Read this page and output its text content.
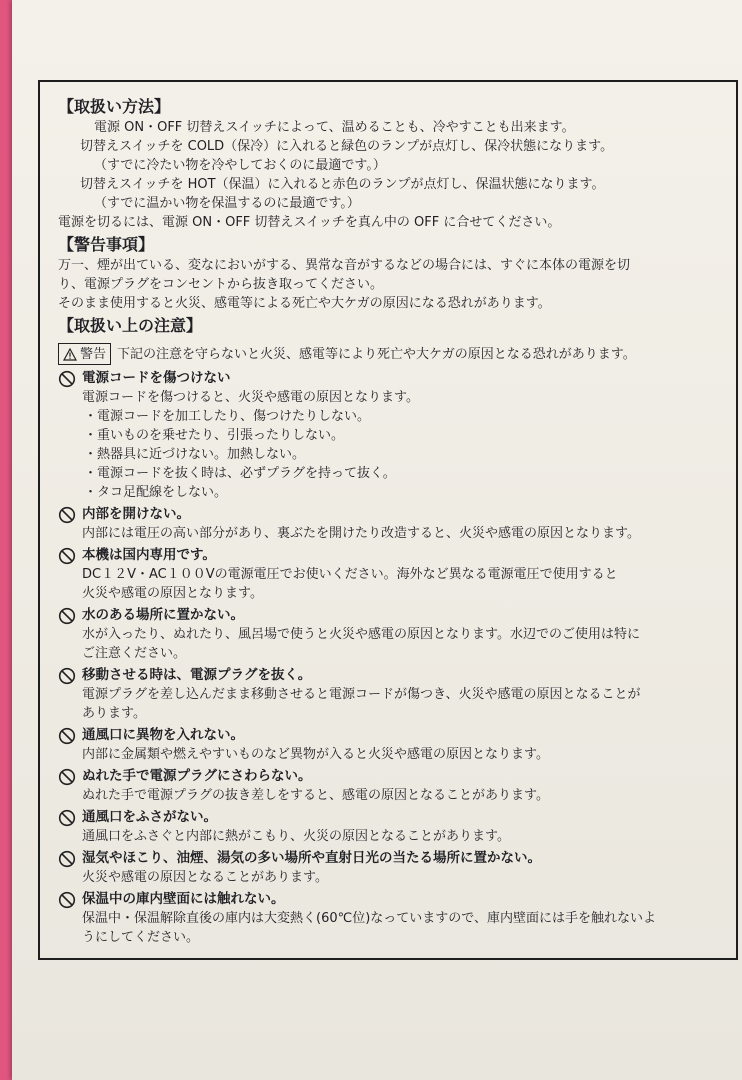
【取扱い方法】
電源 ON・OFF 切替えスイッチによって、温めることも、冷やすことも出来ます。
切替えスイッチを COLD（保冷）に入れると緑色のランプが点灯し、保冷状態になります。
（すでに冷たい物を冷やしておくのに最適です。）
切替えスイッチを HOT（保温）に入れると赤色のランプが点灯し、保温状態になります。
（すでに温かい物を保温するのに最適です。）
電源を切るには、電源 ON・OFF 切替えスイッチを真ん中の OFF に合せてください。
【警告事項】
万一、煙が出ている、変なにおいがする、異常な音がするなどの場合には、すぐに本体の電源を切
り、電源プラグをコンセントから抜き取ってください。
そのまま使用すると火災、感電等による死亡や大ケガの原因になる恐れがあります。
【取扱い上の注意】
警告 下記の注意を守らないと火災、感電等により死亡や大ケガの原因となる恐れがあります。
電源コードを傷つけない
電源コードを傷つけると、火災や感電の原因となります。
・電源コードを加工したり、傷つけたりしない。
・重いものを乗せたり、引張ったりしない。
・熱器具に近づけない。加熱しない。
・電源コードを抜く時は、必ずプラグを持って抜く。
・タコ足配線をしない。
内部を開けない。
内部には電圧の高い部分があり、裏ぶたを開けたり改造すると、火災や感電の原因となります。
本機は国内専用です。
DC１２V・AC１００Vの電源電圧でお使いください。海外など異なる電源電圧で使用すると
火災や感電の原因となります。
水のある場所に置かない。
水が入ったり、ぬれたり、風呂場で使うと火災や感電の原因となります。水辺でのご使用は特に
ご注意ください。
移動させる時は、電源プラグを抜く。
電源プラグを差し込んだまま移動させると電源コードが傷つき、火災や感電の原因となることが
あります。
通風口に異物を入れない。
内部に金属類や燃えやすいものなど異物が入ると火災や感電の原因となります。
ぬれた手で電源プラグにさわらない。
ぬれた手で電源プラグの抜き差しをすると、感電の原因となることがあります。
通風口をふさがない。
通風口をふさぐと内部に熱がこもり、火災の原因となることがあります。
湿気やほこり、油煙、湯気の多い場所や直射日光の当たる場所に置かない。
火災や感電の原因となることがあります。
保温中の庫内壁面には触れない。
保温中・保温解除直後の庫内は大変熱く(60℃位)なっていますので、庫内壁面には手を触れないよ
うにしてください。
